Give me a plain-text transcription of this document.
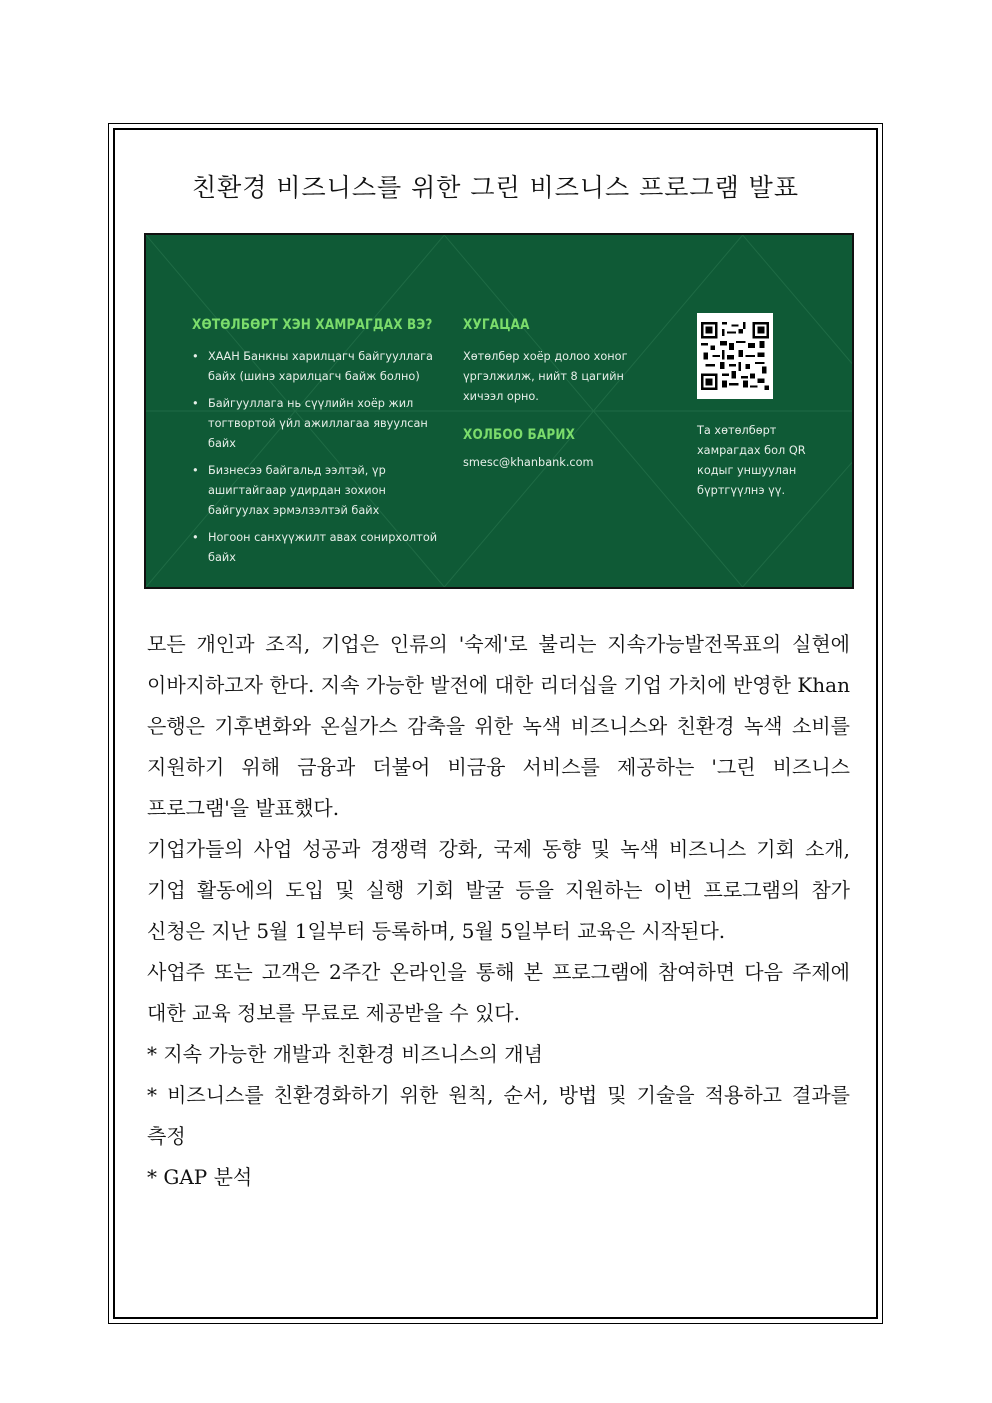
친환경 비즈니스를 위한 그린 비즈니스 프로그램 발표
ХӨТӨЛБӨРТ ХЭН ХАМРАГДАХ ВЭ?
• ХААН Банкны харилцагч байгууллага байх (шинэ харилцагч байж болно)
• Байгууллага нь сүүлийн хоёр жил тогтвортой үйл ажиллагаа явуулсан байх
• Бизнесээ байгальд ээлтэй, үр ашигтайгаар удирдан зохион байгуулах эрмэлзэлтэй байх
• Ногоон санхүүжилт авах сонирхолтой байх
ХУГАЦАА
Хөтөлбөр хоёр долоо хоног үргэлжилж, нийт 8 цагийн хичээл орно.
ХОЛБОО БАРИХ
smesc@khanbank.com
Та хөтөлбөрт хамрагдах бол QR кодыг уншуулан бүртгүүлнэ үү.

모든 개인과 조직, 기업은 인류의 '숙제'로 불리는 지속가능발전목표의 실현에 이바지하고자 한다. 지속 가능한 발전에 대한 리더십을 기업 가치에 반영한 Khan 은행은 기후변화와 온실가스 감축을 위한 녹색 비즈니스와 친환경 녹색 소비를 지원하기 위해 금융과 더불어 비금융 서비스를 제공하는 '그린 비즈니스 프로그램'을 발표했다.

기업가들의 사업 성공과 경쟁력 강화, 국제 동향 및 녹색 비즈니스 기회 소개, 기업 활동에의 도입 및 실행 기회 발굴 등을 지원하는 이번 프로그램의 참가 신청은 지난 5월 1일부터 등록하며, 5월 5일부터 교육은 시작된다.

사업주 또는 고객은 2주간 온라인을 통해 본 프로그램에 참여하면 다음 주제에 대한 교육 정보를 무료로 제공받을 수 있다.

* 지속 가능한 개발과 친환경 비즈니스의 개념

* 비즈니스를 친환경화하기 위한 원칙, 순서, 방법 및 기술을 적용하고 결과를 측정

* GAP 분석
